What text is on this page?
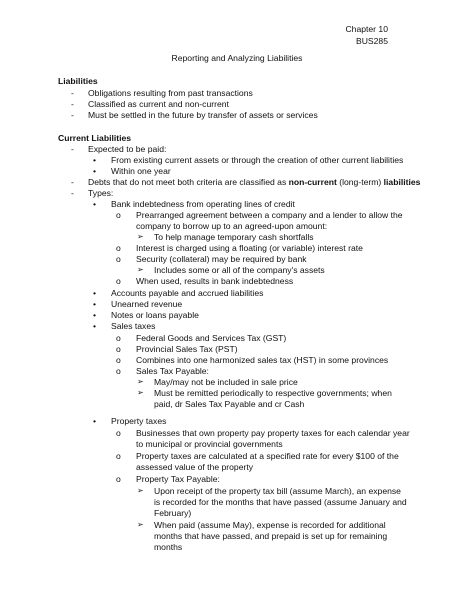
Chapter 10
BUS285
Reporting and Analyzing Liabilities
Liabilities
-	Obligations resulting from past transactions
-	Classified as current and non-current
-	Must be settled in the future by transfer of assets or services
Current Liabilities
-	Expected to be paid:
•	From existing current assets or through the creation of other current liabilities
•	Within one year
-	Debts that do not meet both criteria are classified as non-current (long-term) liabilities
-	Types:
•	Bank indebtedness from operating lines of credit
o	Prearranged agreement between a company and a lender to allow the
company to borrow up to an agreed-upon amount:
➢	To help manage temporary cash shortfalls
o	Interest is charged using a floating (or variable) interest rate
o	Security (collateral) may be required by bank
➢	Includes some or all of the company's assets
o	When used, results in bank indebtedness
•	Accounts payable and accrued liabilities
•	Unearned revenue
•	Notes or loans payable
•	Sales taxes
o	Federal Goods and Services Tax (GST)
o	Provincial Sales Tax (PST)
o	Combines into one harmonized sales tax (HST) in some provinces
o	Sales Tax Payable:
➢	May/may not be included in sale price
➢	Must be remitted periodically to respective governments; when
paid, dr Sales Tax Payable and cr Cash
•	Property taxes
o	Businesses that own property pay property taxes for each calendar year
to municipal or provincial governments
o	Property taxes are calculated at a specified rate for every $100 of the
assessed value of the property
o	Property Tax Payable:
➢	Upon receipt of the property tax bill (assume March), an expense
is recorded for the months that have passed (assume January and
February)
➢	When paid (assume May), expense is recorded for additional
months that have passed, and prepaid is set up for remaining
months
